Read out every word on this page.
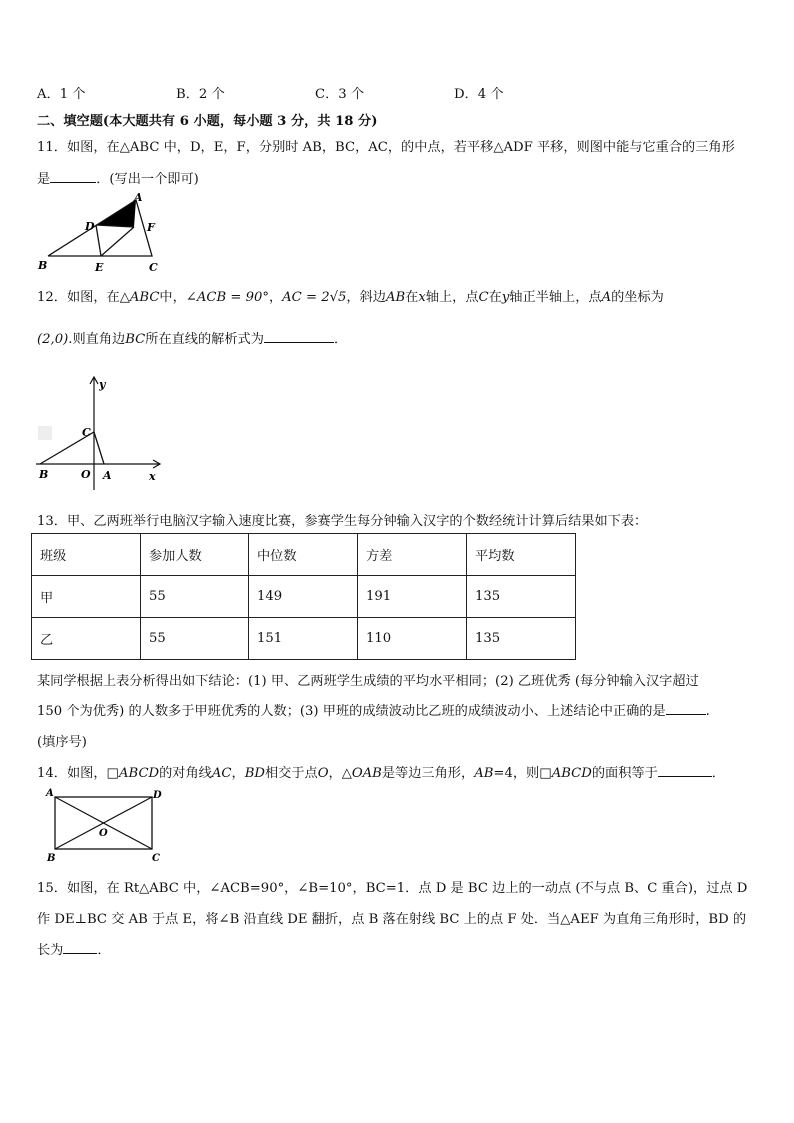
A．1 个	B．2 个	C．3 个	D．4 个
二、填空题(本大题共有 6 小题，每小题 3 分，共 18 分)
11．如图，在△ABC 中，D，E，F，分别时 AB，BC，AC，的中点，若平移△ADF 平移，则图中能与它重合的三角形
是	．(写出一个即可)
A
D	F
B	E	C
12．如图，在△ABC中，∠ACB = 90°，AC = 2√5，斜边AB在x轴上，点C在y轴正半轴上，点A的坐标为
(2,0).则直角边BC所在直线的解析式为	．
y
x
C
B	O A
13．甲、乙两班举行电脑汉字输入速度比赛，参赛学生每分钟输入汉字的个数经统计计算后结果如下表：
班级	参加人数	中位数	方差	平均数
甲	55	149	191	135
乙	55	151	110	135
某同学根据上表分析得出如下结论：(1) 甲、乙两班学生成绩的平均水平相同；(2) 乙班优秀 (每分钟输入汉字超过
150 个为优秀) 的人数多于甲班优秀的人数；(3) 甲班的成绩波动比乙班的成绩波动小、上述结论中正确的是	.
(填序号)
14．如图，□ABCD的对角线AC，BD相交于点O，△OAB是等边三角形，AB=4，则□ABCD的面积等于	．
A	D
B	C
O
15．如图，在 Rt△ABC 中，∠ACB=90°，∠B=10°，BC=1．点 D 是 BC 边上的一动点 (不与点 B、C 重合)，过点 D
作 DE⊥BC 交 AB 于点 E，将∠B 沿直线 DE 翻折，点 B 落在射线 BC 上的点 F 处．当△AEF 为直角三角形时，BD 的
长为	．
